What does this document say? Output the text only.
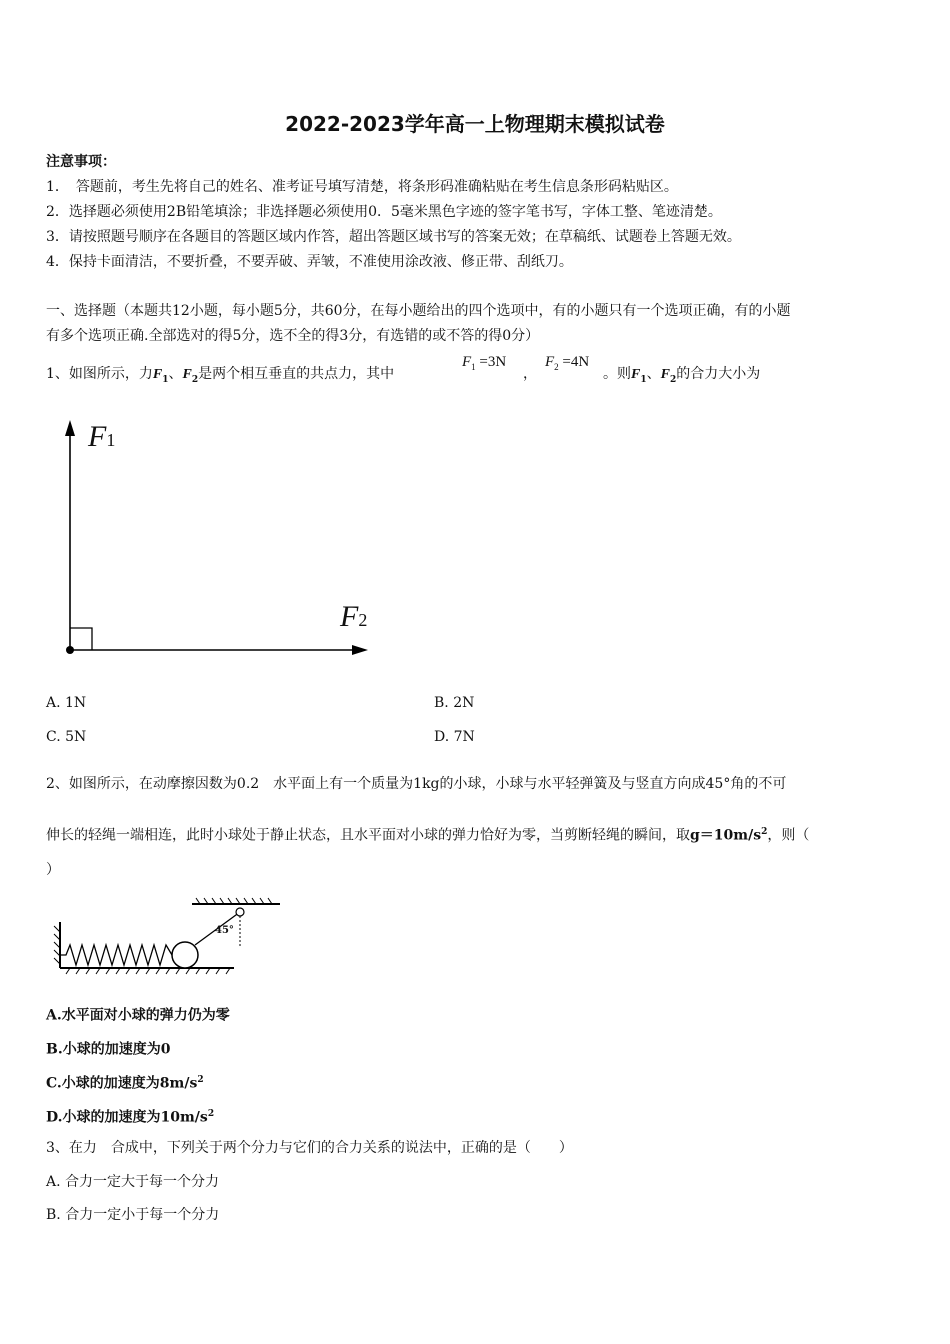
2022-2023学年高一上物理期末模拟试卷
注意事项：
1．　答题前，考生先将自己的姓名、准考证号填写清楚，将条形码准确粘贴在考生信息条形码粘贴区。
2．选择题必须使用2B铅笔填涂；非选择题必须使用0．5毫米黑色字迹的签字笔书写，字体工整、笔迹清楚。
3．请按照题号顺序在各题目的答题区域内作答，超出答题区域书写的答案无效；在草稿纸、试题卷上答题无效。
4．保持卡面清洁，不要折叠，不要弄破、弄皱，不准使用涂改液、修正带、刮纸刀。
一、选择题（本题共12小题，每小题5分，共60分，在每小题给出的四个选项中，有的小题只有一个选项正确，有的小题
有多个选项正确.全部选对的得5分，选不全的得3分，有选错的或不答的得0分）
1、如图所示，力$F_1$、$F_2$是两个相互垂直的共点力，其中
$F_1 =3N$
，
$F_2 =4N$
。则$F_1$、$F_2$的合力大小为
F1
F2
A. 1N	B. 2N
C. 5N	D. 7N
2、如图所示，在动摩擦因数为0.2　水平面上有一个质量为1kg的小球，小球与水平轻弹簧及与竖直方向成45°角的不可
伸长的轻绳一端相连，此时小球处于静止状态，且水平面对小球的弹力恰好为零，当剪断轻绳的瞬间，取$g=10m/s^2$，则（
）
45°
A.水平面对小球的弹力仍为零
B.小球的加速度为0
C.小球的加速度为$8m/s^2$
D.小球的加速度为$10m/s^2$
3、在力　合成中，下列关于两个分力与它们的合力关系的说法中，正确的是（　　）
A. 合力一定大于每一个分力
B. 合力一定小于每一个分力
